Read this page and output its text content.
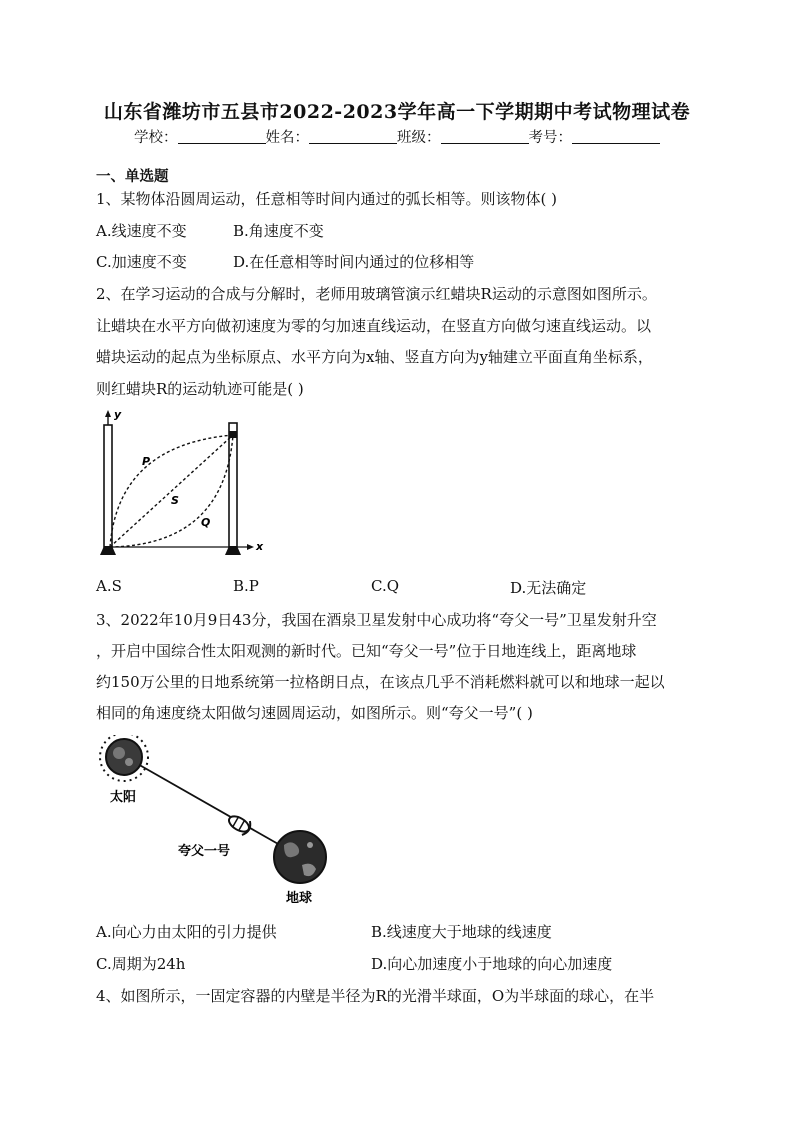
山东省潍坊市五县市2022-2023学年高一下学期期中考试物理试卷
学校：	姓名：	班级：	考号：
一、单选题
1、某物体沿圆周运动，任意相等时间内通过的弧长相等。则该物体( )
A.线速度不变	B.角速度不变
C.加速度不变	D.在任意相等时间内通过的位移相等
2、在学习运动的合成与分解时，老师用玻璃管演示红蜡块R运动的示意图如图所示。
让蜡块在水平方向做初速度为零的匀加速直线运动，在竖直方向做匀速直线运动。以
蜡块运动的起点为坐标原点、水平方向为x轴、竖直方向为y轴建立平面直角坐标系，
则红蜡块R的运动轨迹可能是( )
y
x
P
S
Q
A.S	B.P	C.Q	D.无法确定
3、2022年10月9日43分，我国在酒泉卫星发射中心成功将“夸父一号”卫星发射升空
，开启中国综合性太阳观测的新时代。已知“夸父一号”位于日地连线上，距离地球
约150万公里的日地系统第一拉格朗日点，在该点几乎不消耗燃料就可以和地球一起以
相同的角速度绕太阳做匀速圆周运动，如图所示。则“夸父一号”( )
太阳
夸父一号
地球
A.向心力由太阳的引力提供	B.线速度大于地球的线速度
C.周期为24h	D.向心加速度小于地球的向心加速度
4、如图所示，一固定容器的内壁是半径为R的光滑半球面，O为半球面的球心，在半
